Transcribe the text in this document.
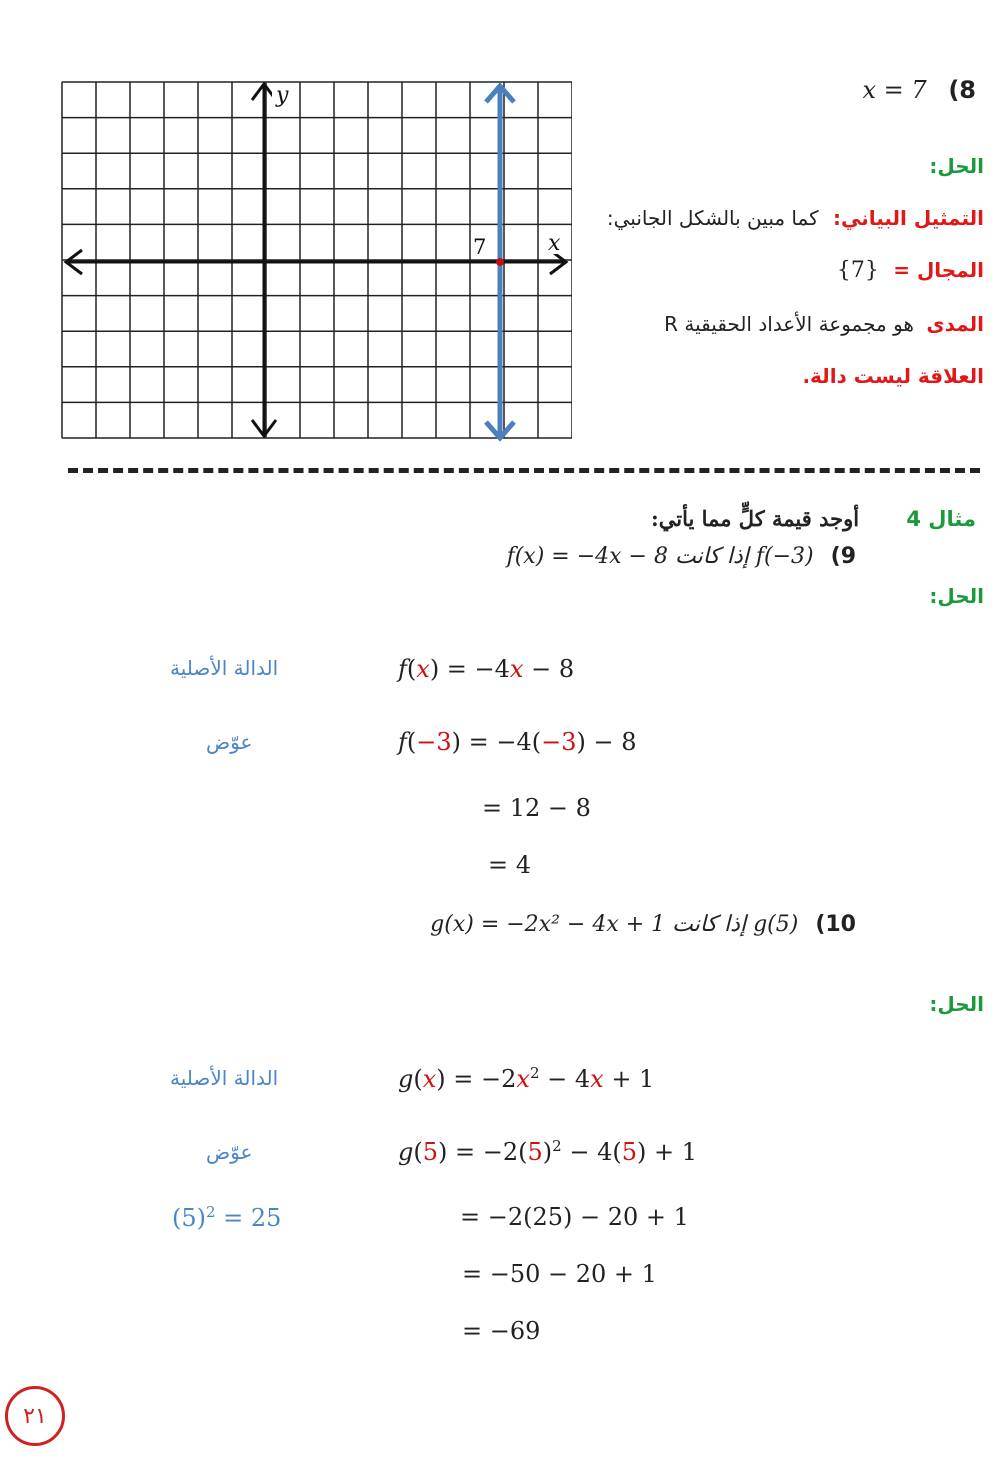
7	x
y	8) x = 7
الحل:
التمثيل البياني: كما مبين بالشكل الجانبي:
المجال = {7}
المدى هو مجموعة الأعداد الحقيقية R
العلاقة ليست دالة.
مثال 4 أوجد قيمة كلٍّ مما يأتي:
9) f(−3) إذا كانت f(x) = −4x − 8
الحل:
الدالة الأصلية	f(x) = −4x − 8
عوّض	f(−3) = −4(−3) − 8
= 12 − 8
= 4
10) g(5) إذا كانت g(x) = −2x² − 4x + 1
الحل:
الدالة الأصلية	$g(x) = -2x^2 - 4x + 1$
عوّض	$g(5) = -2(5)^2 - 4(5) + 1$
$(5)^2 = 25$	= −2(25) − 20 + 1
= −50 − 20 + 1
= −69
٢١
